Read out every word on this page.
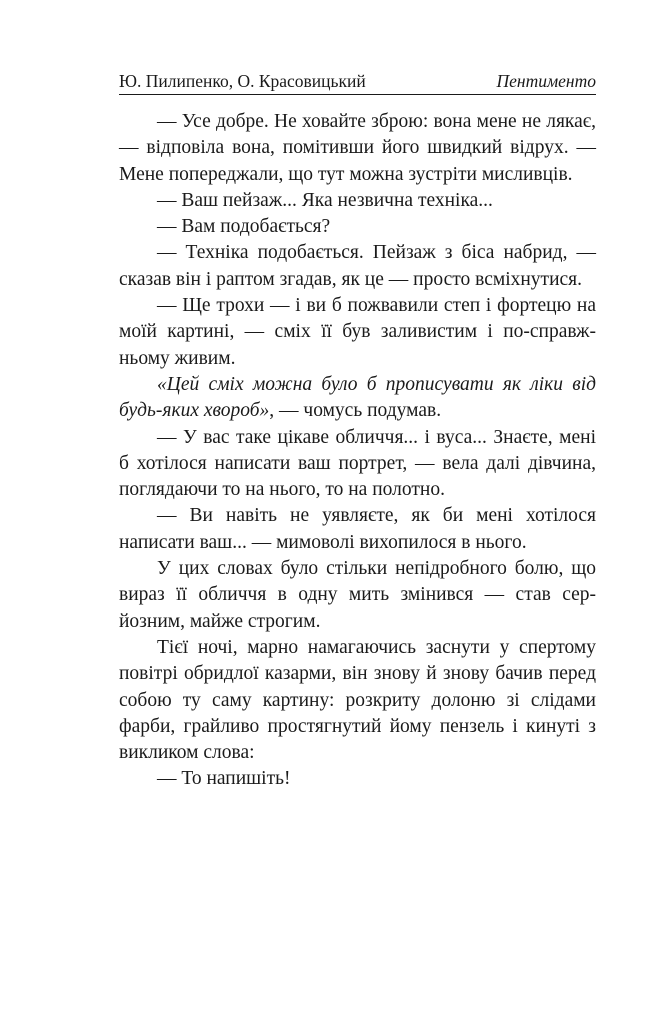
Ю. Пилипенко, О. Красовицький	Пентименто

— Усе добре. Не ховайте зброю: вона мене не лякає, — відповіла вона, помітивши його швидкий відрух. — Мене попереджали, що тут можна зустріти мисливців.

— Ваш пейзаж... Яка незвична техніка...

— Вам подобається?

— Техніка подобається. Пейзаж з біса набрид, — сказав він і раптом згадав, як це — просто всміхнутися.

— Ще трохи — і ви б пожвавили степ і фортецю на моїй картині, — сміх її був заливистим і по-справжньому живим.

«Цей сміх можна було б прописувати як ліки від будь-яких хвороб», — чомусь подумав.

— У вас таке цікаве обличчя... і вуса... Знаєте, мені б хотілося написати ваш портрет, — вела далі дівчина, поглядаючи то на нього, то на полотно.

— Ви навіть не уявляєте, як би мені хотілося написати ваш... — мимоволі вихопилося в нього.

У цих словах було стільки непідробного болю, що вираз її обличчя в одну мить змінився — став серйозним, майже строгим.

Тієї ночі, марно намагаючись заснути у спертому повітрі обридлої казарми, він знову й знову бачив перед собою ту саму картину: розкриту долоню зі слідами фарби, грайливо простягнутий йому пензель і кинуті з викликом слова:

— То напишіть!
